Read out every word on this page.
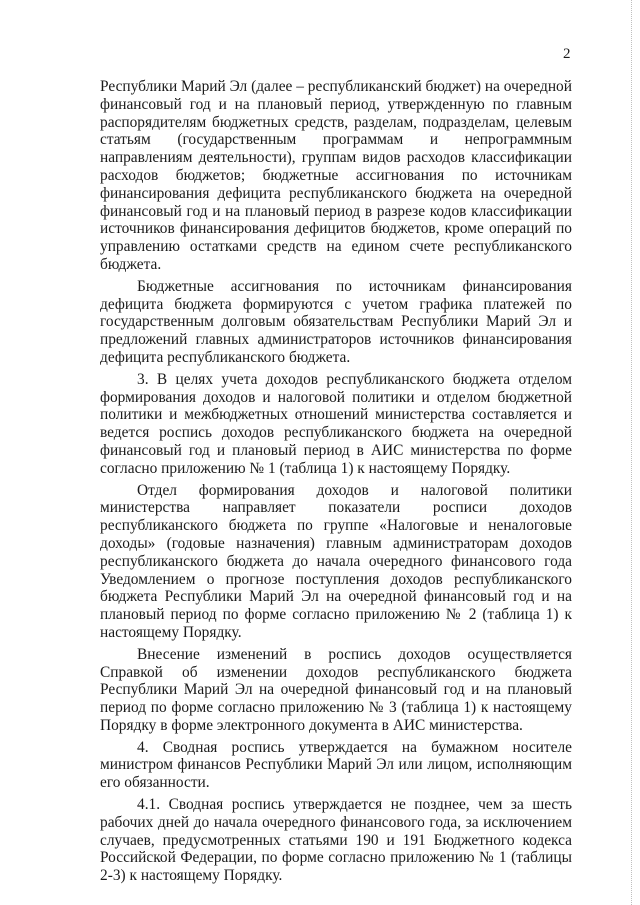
2

Республики Марий Эл (далее – республиканский бюджет) на очередной финансовый год и на плановый период, утвержденную по главным распорядителям бюджетных средств, разделам, подразделам, целевым статьям (государственным программам и непрограммным направлениям деятельности), группам видов расходов классификации расходов бюджетов; бюджетные ассигнования по источникам финансирования дефицита республиканского бюджета на очередной финансовый год и на плановый период в разрезе кодов классификации источников финансирования дефицитов бюджетов, кроме операций по управлению остатками средств на едином счете республиканского бюджета.

Бюджетные ассигнования по источникам финансирования дефицита бюджета формируются с учетом графика платежей по государственным долговым обязательствам Республики Марий Эл и предложений главных администраторов источников финансирования дефицита республиканского бюджета.

3. В целях учета доходов республиканского бюджета отделом формирования доходов и налоговой политики и отделом бюджетной политики и межбюджетных отношений министерства составляется и ведется роспись доходов республиканского бюджета на очередной финансовый год и плановый период в АИС министерства по форме согласно приложению № 1 (таблица 1) к настоящему Порядку.

Отдел формирования доходов и налоговой политики министерства направляет показатели росписи доходов республиканского бюджета по группе «Налоговые и неналоговые доходы» (годовые назначения) главным администраторам доходов республиканского бюджета до начала очередного финансового года Уведомлением о прогнозе поступления доходов республиканского бюджета Республики Марий Эл на очередной финансовый год и на плановый период по форме согласно приложению № 2 (таблица 1) к настоящему Порядку.

Внесение изменений в роспись доходов осуществляется Справкой об изменении доходов республиканского бюджета Республики Марий Эл на очередной финансовый год и на плановый период по форме согласно приложению № 3 (таблица 1) к настоящему Порядку в форме электронного документа в АИС министерства.

4. Сводная роспись утверждается на бумажном носителе министром финансов Республики Марий Эл или лицом, исполняющим его обязанности.

4.1. Сводная роспись утверждается не позднее, чем за шесть рабочих дней до начала очередного финансового года, за исключением случаев, предусмотренных статьями 190 и 191 Бюджетного кодекса Российской Федерации, по форме согласно приложению № 1 (таблицы 2-3) к настоящему Порядку.
